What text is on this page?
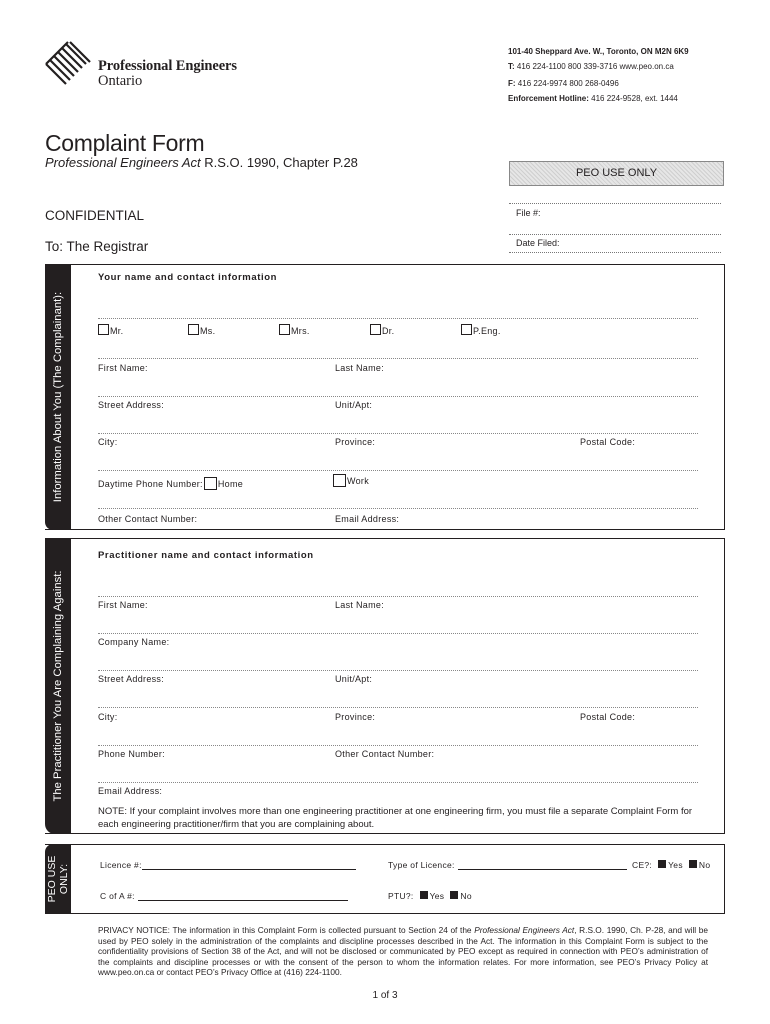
Professional Engineers
Ontario
101-40 Sheppard Ave. W., Toronto, ON M2N 6K9
T: 416 224-1100 800 339-3716 www.peo.on.ca
F: 416 224-9974 800 268-0496
Enforcement Hotline: 416 224-9528, ext. 1444
Complaint Form
Professional Engineers Act R.S.O. 1990, Chapter P.28
CONFIDENTIAL
To: The Registrar
PEO USE ONLY
File #:
Date Filed:
Information About You (The Complainant):
Your name and contact information
Mr.	Ms.	Mrs.	Dr.	P.Eng.
First Name:	Last Name:
Street Address:	Unit/Apt:
City:	Province:	Postal Code:
Daytime Phone Number: Home	Work
Other Contact Number:	Email Address:
The Practitioner You Are Complaining Against:
Practitioner name and contact information
First Name:	Last Name:
Company Name:
Street Address:	Unit/Apt:
City:	Province:	Postal Code:
Phone Number:	Other Contact Number:
Email Address:
NOTE: If your complaint involves more than one engineering practitioner at one engineering firm, you must file a separate Complaint Form for each engineering practitioner/firm that you are complaining about.
PEO USE ONLY:	Licence #:	Type of Licence:	CE?: Yes No
C of A #:	PTU?: Yes No
PRIVACY NOTICE: The information in this Complaint Form is collected pursuant to Section 24 of the Professional Engineers Act, R.S.O. 1990, Ch. P-28, and will be used by PEO solely in the administration of the complaints and discipline processes described in the Act. The information in this Complaint Form is subject to the confidentiality provisions of Section 38 of the Act, and will not be disclosed or communicated by PEO except as required in connection with PEO’s administration of the complaints and discipline processes or with the consent of the person to whom the information relates. For more information, see PEO’s Privacy Policy at www.peo.on.ca or contact PEO’s Privacy Office at (416) 224-1100.
1 of 3
